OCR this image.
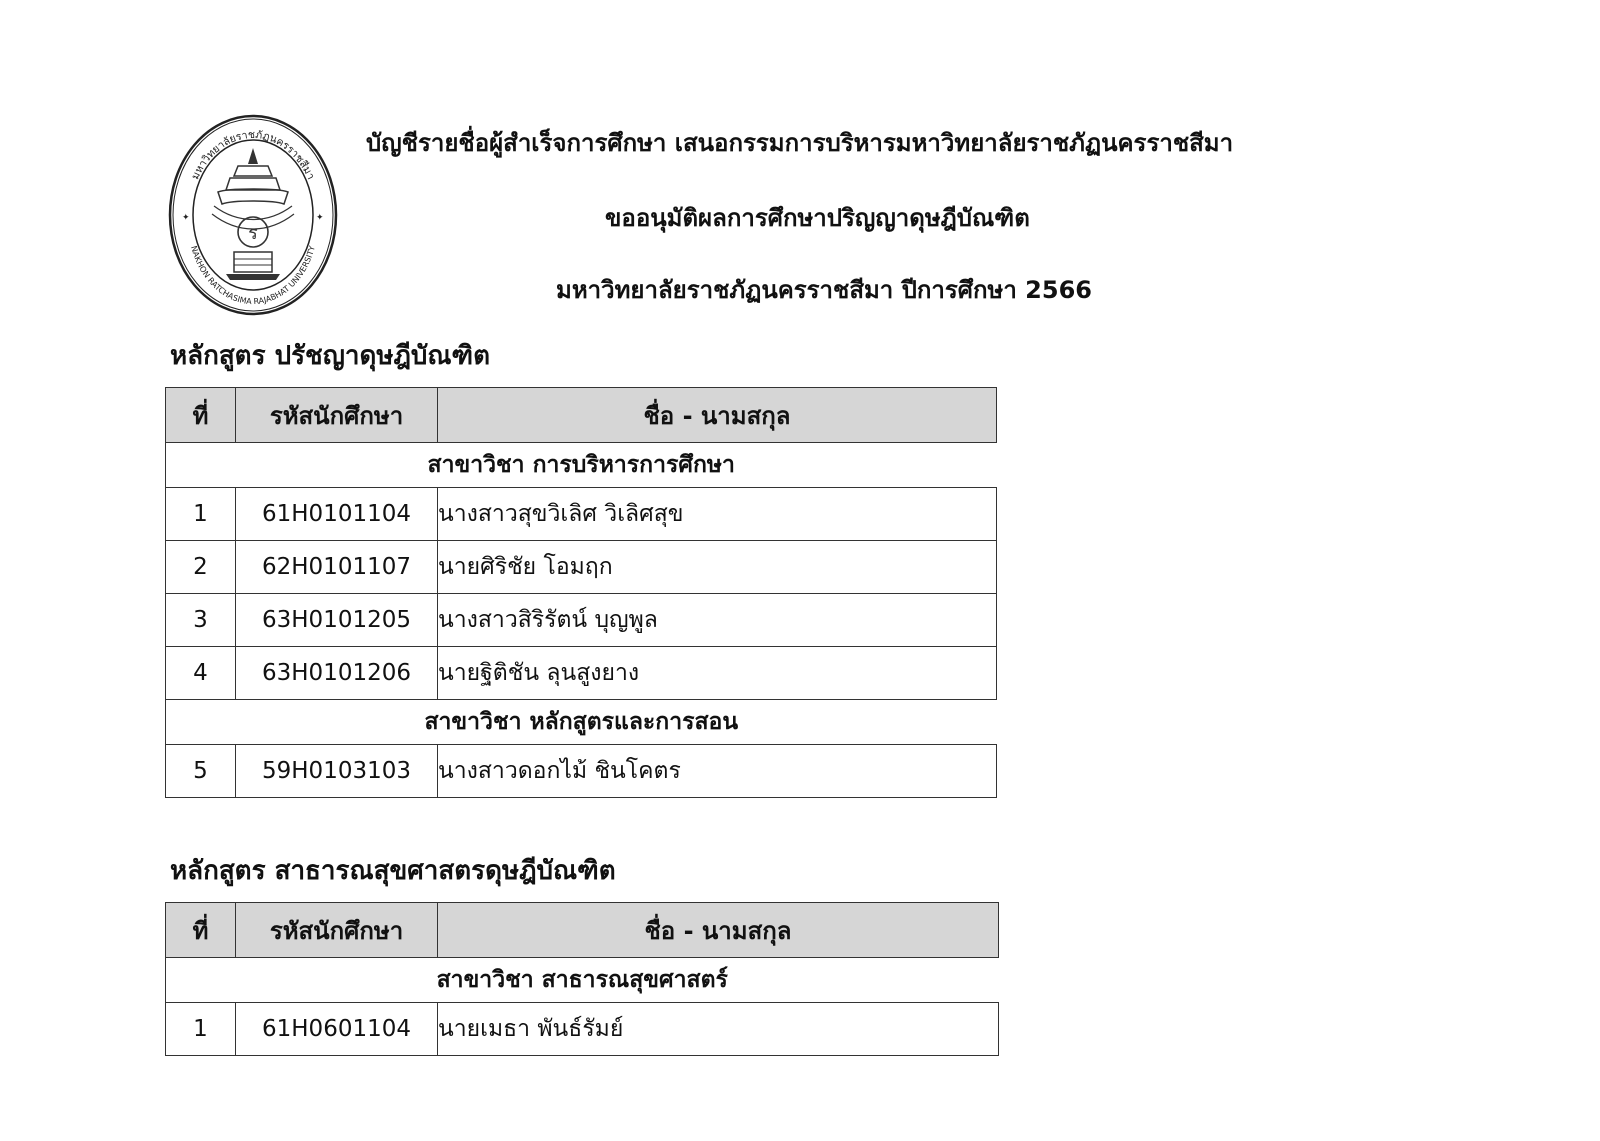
มหาวิทยาลัยราชภัฏนครราชสีมา
NAKHON RATCHASIMA RAJABHAT UNIVERSITY
✦	✦
ร
บัญชีรายชื่อผู้สำเร็จการศึกษา เสนอกรรมการบริหารมหาวิทยาลัยราชภัฏนครราชสีมา
ขออนุมัติผลการศึกษาปริญญาดุษฎีบัณฑิต
มหาวิทยาลัยราชภัฏนครราชสีมา ปีการศึกษา 2566
หลักสูตร ปรัชญาดุษฎีบัณฑิต
ที่	รหัสนักศึกษา	ชื่อ - นามสกุล
สาขาวิชา การบริหารการศึกษา		
1	61H0101104	นางสาวสุขวิเลิศ วิเลิศสุข
2	62H0101107	นายศิริชัย โอมฤก
3	63H0101205	นางสาวสิริรัตน์ บุญพูล
4	63H0101206	นายฐิติชัน ลุนสูงยาง
สาขาวิชา หลักสูตรและการสอน		
5	59H0103103	นางสาวดอกไม้ ชินโคตร
หลักสูตร สาธารณสุขศาสตรดุษฎีบัณฑิต
ที่	รหัสนักศึกษา	ชื่อ - นามสกุล
สาขาวิชา สาธารณสุขศาสตร์		
1	61H0601104	นายเมธา พันธ์รัมย์
